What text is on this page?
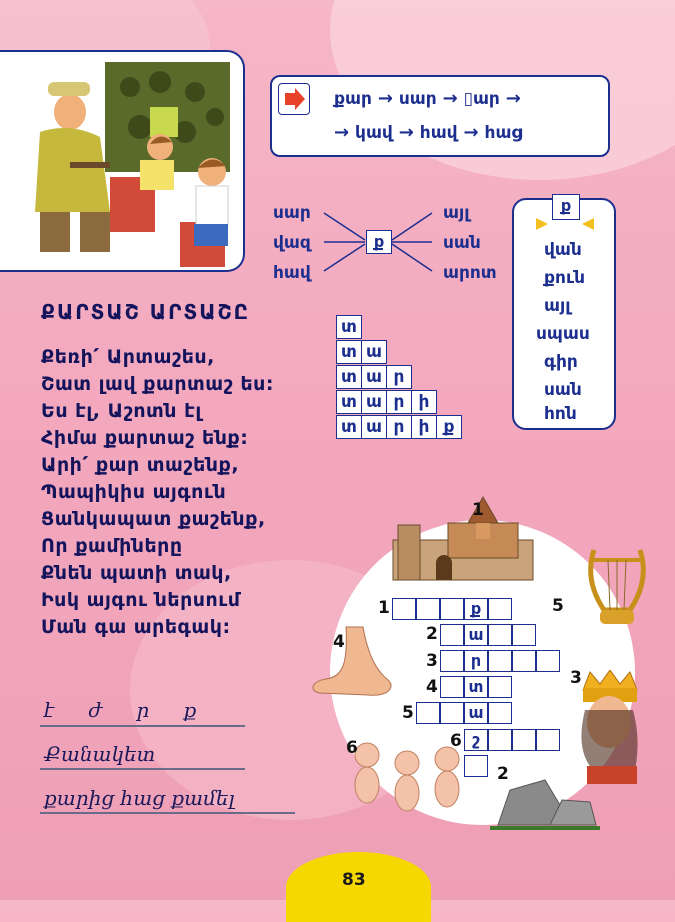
քար → սար → ▯ար →
→ կավ → հավ → հաց
սար
վազ
հավ
ք
այլ
սան
արոտ
ք
վան
քուն
այլ
սպաս
գիր
սան
հոն
տ
տ ա
տ ա ր
տ ա ր ի
տ ա ր ի ք
ՔԱՐՏԱՇ ԱՐՏԱՇԸ
Քեռի՛ Արտաշես,
Շատ լավ քարտաշ ես:
Ես էլ, Աշոտն էլ
Հիմա քարտաշ ենք:
Արի՛ քար տաշենք,
Պապիկիս այգուն
Ցանկապատ քաշենք,
Որ քամիները
Քնեն պատի տակ,
Իսկ այգու ներսում
Ման գա արեգակ:
է ժ ր ք
Քանակետ
քարից հաց քամել
1
2
3
4
5
6
1
2
3
4
5
6
ք
ա
ր
տ
ա
շ
83
